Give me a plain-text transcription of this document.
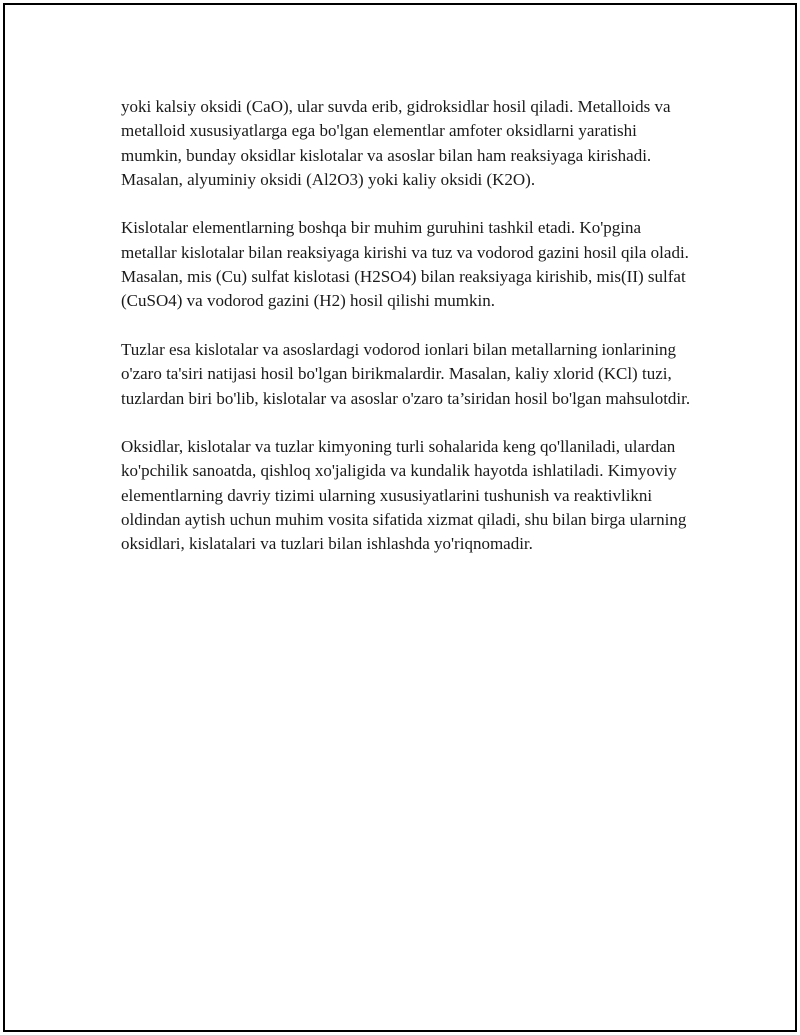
yoki kalsiy oksidi (CaO), ular suvda erib, gidroksidlar hosil qiladi. Metalloids va metalloid xususiyatlarga ega bo'lgan elementlar amfoter oksidlarni yaratishi mumkin, bunday oksidlar kislotalar va asoslar bilan ham reaksiyaga kirishadi. Masalan, alyuminiy oksidi (Al2O3) yoki kaliy oksidi (K2O).

Kislotalar elementlarning boshqa bir muhim guruhini tashkil etadi. Ko'pgina metallar kislotalar bilan reaksiyaga kirishi va tuz va vodorod gazini hosil qila oladi. Masalan, mis (Cu) sulfat kislotasi (H2SO4) bilan reaksiyaga kirishib, mis(II) sulfat (CuSO4) va vodorod gazini (H2) hosil qilishi mumkin.

Tuzlar esa kislotalar va asoslardagi vodorod ionlari bilan metallarning ionlarining o'zaro ta'siri natijasi hosil bo'lgan birikmalardir. Masalan, kaliy xlorid (KCl) tuzi, tuzlardan biri bo'lib, kislotalar va asoslar o'zaro ta’siridan hosil bo'lgan mahsulotdir.

Oksidlar, kislotalar va tuzlar kimyoning turli sohalarida keng qo'llaniladi, ulardan ko'pchilik sanoatda, qishloq xo'jaligida va kundalik hayotda ishlatiladi. Kimyoviy elementlarning davriy tizimi ularning xususiyatlarini tushunish va reaktivlikni oldindan aytish uchun muhim vosita sifatida xizmat qiladi, shu bilan birga ularning oksidlari, kislatalari va tuzlari bilan ishlashda yo'riqnomadir.
